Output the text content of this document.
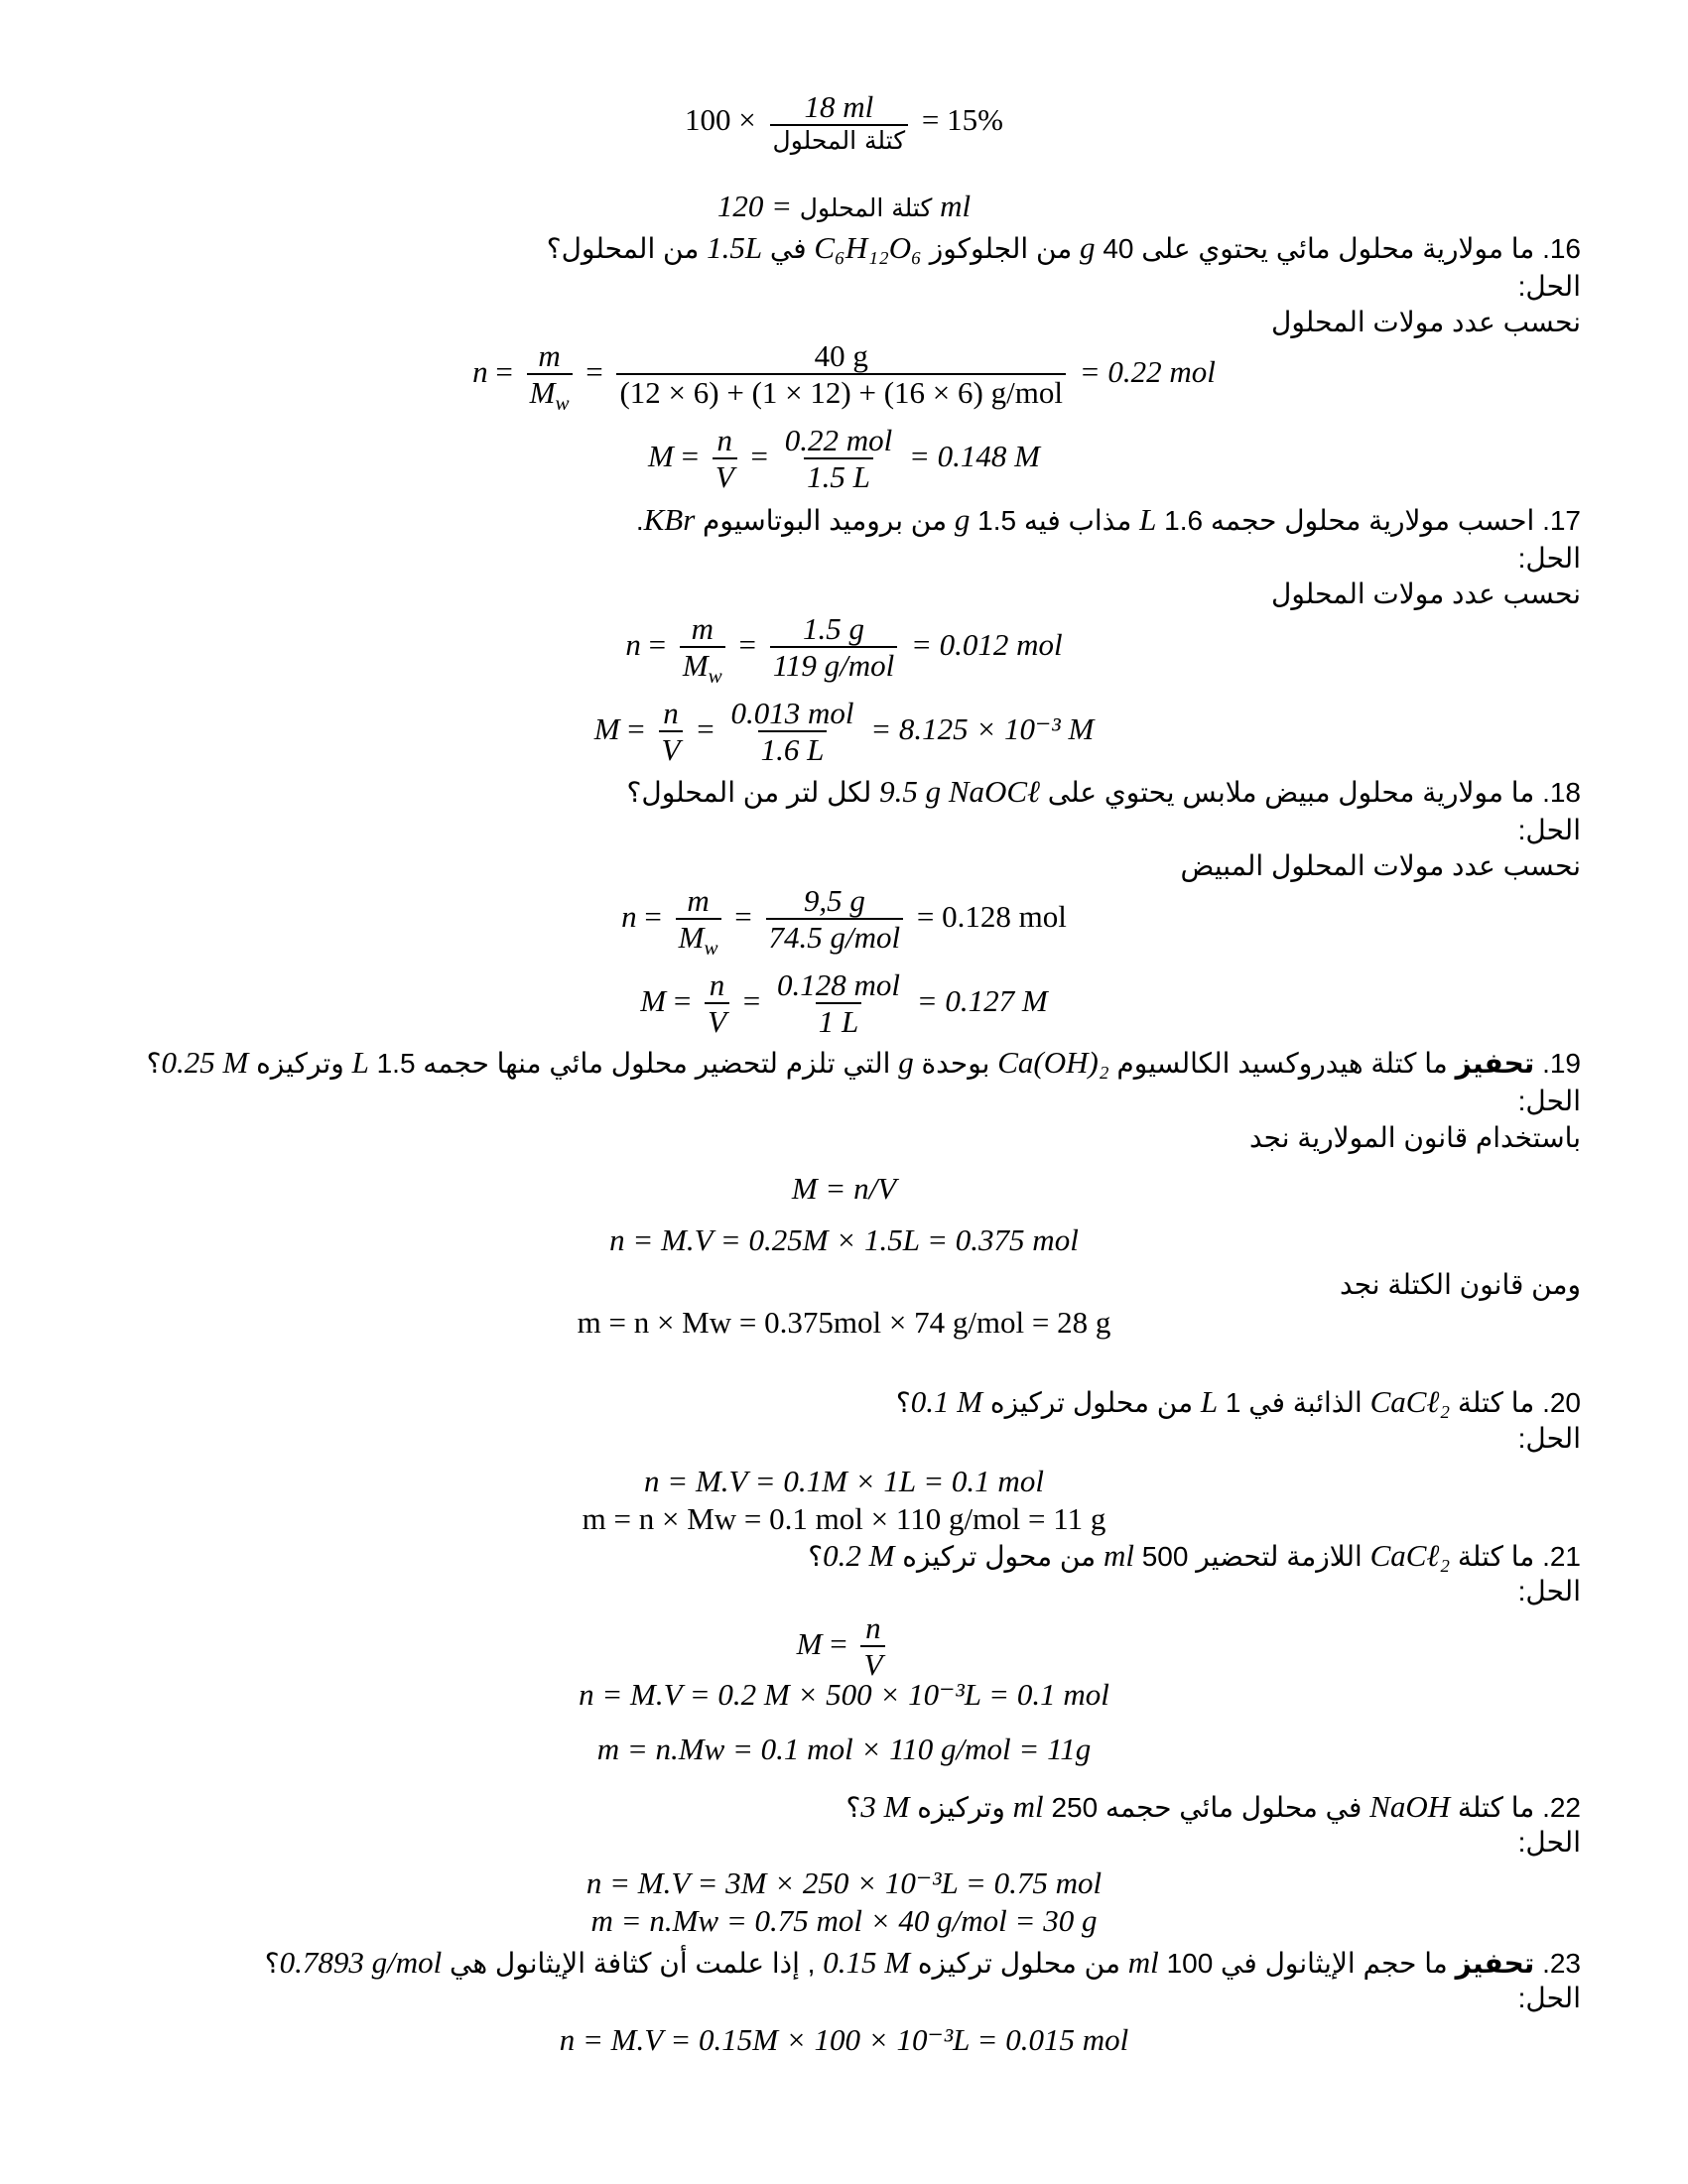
$100 \times \frac{18 ml}{\text{كتلة المحلول}} = 15\%$
كتلة المحلول = 120 ml
16. ما مولارية محلول مائي يحتوي على 40 g من الجلوكوز C₆H₁₂O₆ في 1.5L من المحلول؟
الحل:
نحسب عدد مولات المحلول
$n = \frac{m}{M_w} = \frac{40 g}{\text{(12 × 6) + (1 × 12) + (16 × 6) g/mol}} = 0.22$ mol
$M = \frac{n}{V} = \frac{\text{0.22 mol}}{1.5 L} = 0.148$ M
17. احسب مولارية محلول حجمه 1.6 L مذاب فيه 1.5 g من بروميد البوتاسيوم KBr.
الحل:
نحسب عدد مولات المحلول
$n = \frac{m}{M_w} = \frac{1.5 g}{\text{119 g/mol}} = 0.012$ mol
$M = \frac{n}{V} = \frac{\text{0.013 mol}}{1.6 L} = 8.125 \times 10^{-3}$ M
18. ما مولارية محلول مبيض ملابس يحتوي على 9.5 g NaOCℓ لكل لتر من المحلول؟
الحل:
نحسب عدد مولات المحلول المبيض
$n = \frac{m}{M_w} = \frac{9,5 g}{\text{74.5 g/mol}} = 0.128$ mol
$M = \frac{n}{V} = \frac{\text{0.128 mol}}{1 L} = 0.127$ M
19. تحفيز ما كتلة هيدروكسيد الكالسيوم Ca(OH)₂ بوحدة g التي تلزم لتحضير محلول مائي منها حجمه 1.5 L وتركيزه 0.25 M؟
الحل:
باستخدام قانون المولارية نجد
M = n/V
n = M.V = 0.25M × 1.5L = 0.375 mol
ومن قانون الكتلة نجد
m = n × Mw = 0.375mol × 74 g/mol = 28 g
20. ما كتلة CaCℓ₂ الذائبة في 1 L من محلول تركيزه 0.1 M؟
الحل:
n = M.V = 0.1M × 1L = 0.1 mol
m = n × Mw = 0.1 mol × 110 g/mol = 11 g
21. ما كتلة CaCℓ₂ اللازمة لتحضير 500 ml من محول تركيزه 0.2 M؟
الحل:
$M = \frac{n}{V}$
n = M.V = 0.2 M × 500 × 10⁻³L = 0.1 mol
m = n.Mw = 0.1 mol × 110 g/mol = 11g
22. ما كتلة NaOH في محلول مائي حجمه 250 ml وتركيزه 3 M؟
الحل:
n = M.V = 3M × 250 × 10⁻³L = 0.75 mol
m = n.Mw = 0.75 mol × 40 g/mol = 30 g
23. تحفيز ما حجم الإيثانول في 100 ml من محلول تركيزه 0.15 M , إذا علمت أن كثافة الإيثانول هي 0.7893 g/mol؟
الحل:
n = M.V = 0.15M × 100 × 10⁻³L = 0.015 mol
